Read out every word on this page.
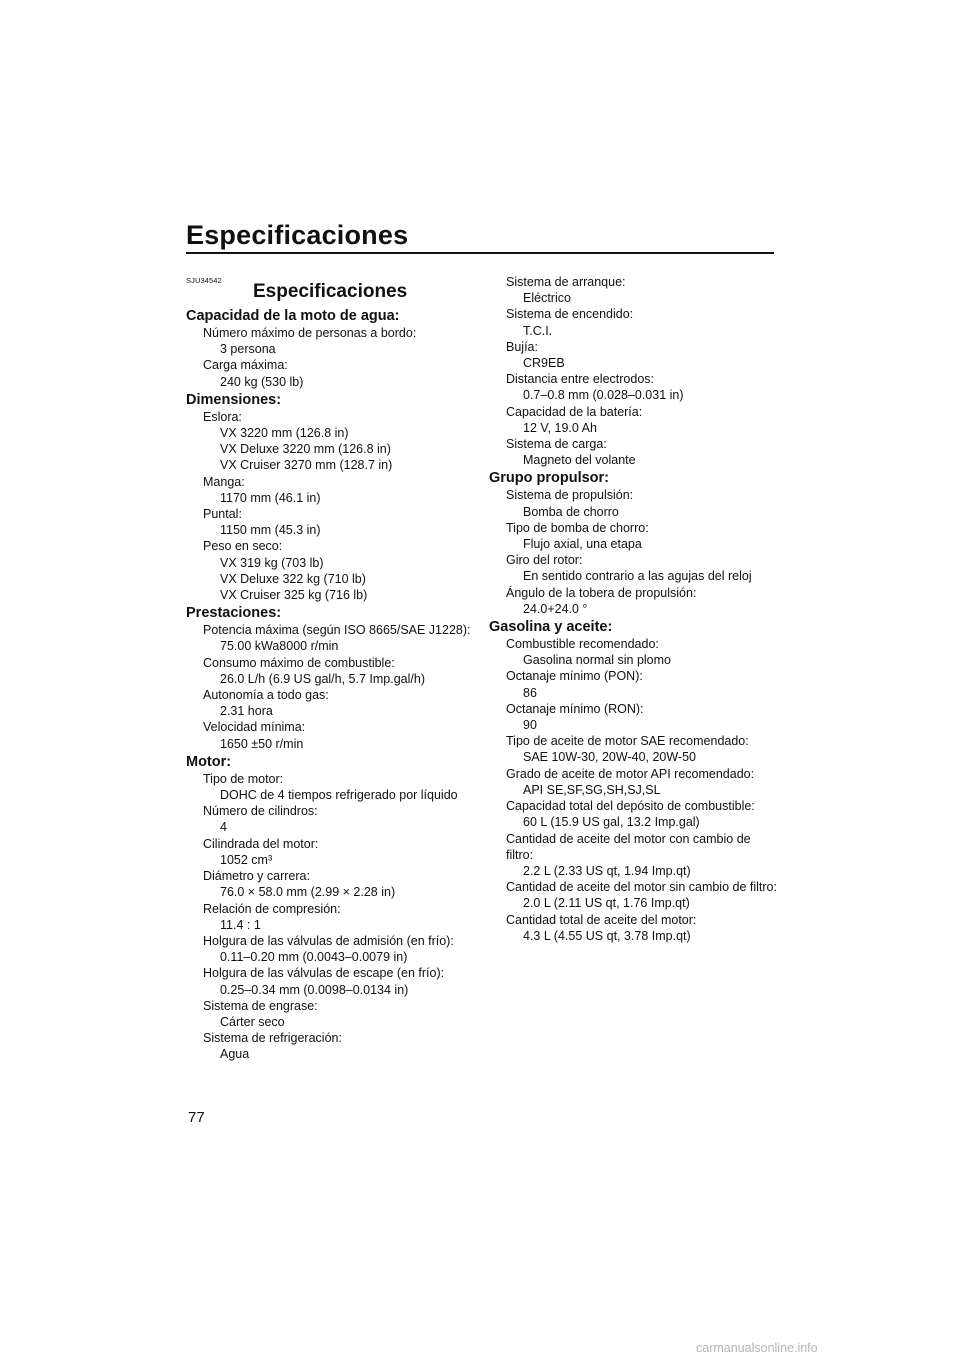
Especificaciones
SJU34542
Especificaciones
Capacidad de la moto de agua:
Número máximo de personas a bordo:
3 persona
Carga máxima:
240 kg (530 lb)
Dimensiones:
Eslora:
VX 3220 mm (126.8 in)
VX Deluxe 3220 mm (126.8 in)
VX Cruiser 3270 mm (128.7 in)
Manga:
1170 mm (46.1 in)
Puntal:
1150 mm (45.3 in)
Peso en seco:
VX 319 kg (703 lb)
VX Deluxe 322 kg (710 lb)
VX Cruiser 325 kg (716 lb)
Prestaciones:
Potencia máxima (según ISO 8665/SAE J1228):
75.00 kWa8000 r/min
Consumo máximo de combustible:
26.0 L/h (6.9 US gal/h, 5.7 Imp.gal/h)
Autonomía a todo gas:
2.31 hora
Velocidad mínima:
1650 ±50 r/min
Motor:
Tipo de motor:
DOHC de 4 tiempos refrigerado por líquido
Número de cilindros:
4
Cilindrada del motor:
1052 cm³
Diámetro y carrera:
76.0 × 58.0 mm (2.99 × 2.28 in)
Relación de compresión:
11.4 : 1
Holgura de las válvulas de admisión (en frío):
0.11–0.20 mm (0.0043–0.0079 in)
Holgura de las válvulas de escape (en frío):
0.25–0.34 mm (0.0098–0.0134 in)
Sistema de engrase:
Cárter seco
Sistema de refrigeración:
Agua
Sistema de arranque:
Eléctrico
Sistema de encendido:
T.C.I.
Bujía:
CR9EB
Distancia entre electrodos:
0.7–0.8 mm (0.028–0.031 in)
Capacidad de la batería:
12 V, 19.0 Ah
Sistema de carga:
Magneto del volante
Grupo propulsor:
Sistema de propulsión:
Bomba de chorro
Tipo de bomba de chorro:
Flujo axial, una etapa
Giro del rotor:
En sentido contrario a las agujas del reloj
Ángulo de la tobera de propulsión:
24.0+24.0 °
Gasolina y aceite:
Combustible recomendado:
Gasolina normal sin plomo
Octanaje mínimo (PON):
86
Octanaje mínimo (RON):
90
Tipo de aceite de motor SAE recomendado:
SAE 10W-30, 20W-40, 20W-50
Grado de aceite de motor API recomendado:
API SE,SF,SG,SH,SJ,SL
Capacidad total del depósito de combustible:
60 L (15.9 US gal, 13.2 Imp.gal)
Cantidad de aceite del motor con cambio de
filtro:
2.2 L (2.33 US qt, 1.94 Imp.qt)
Cantidad de aceite del motor sin cambio de filtro:
2.0 L (2.11 US qt, 1.76 Imp.qt)
Cantidad total de aceite del motor:
4.3 L (4.55 US qt, 3.78 Imp.qt)
77
carmanualsonline.info
